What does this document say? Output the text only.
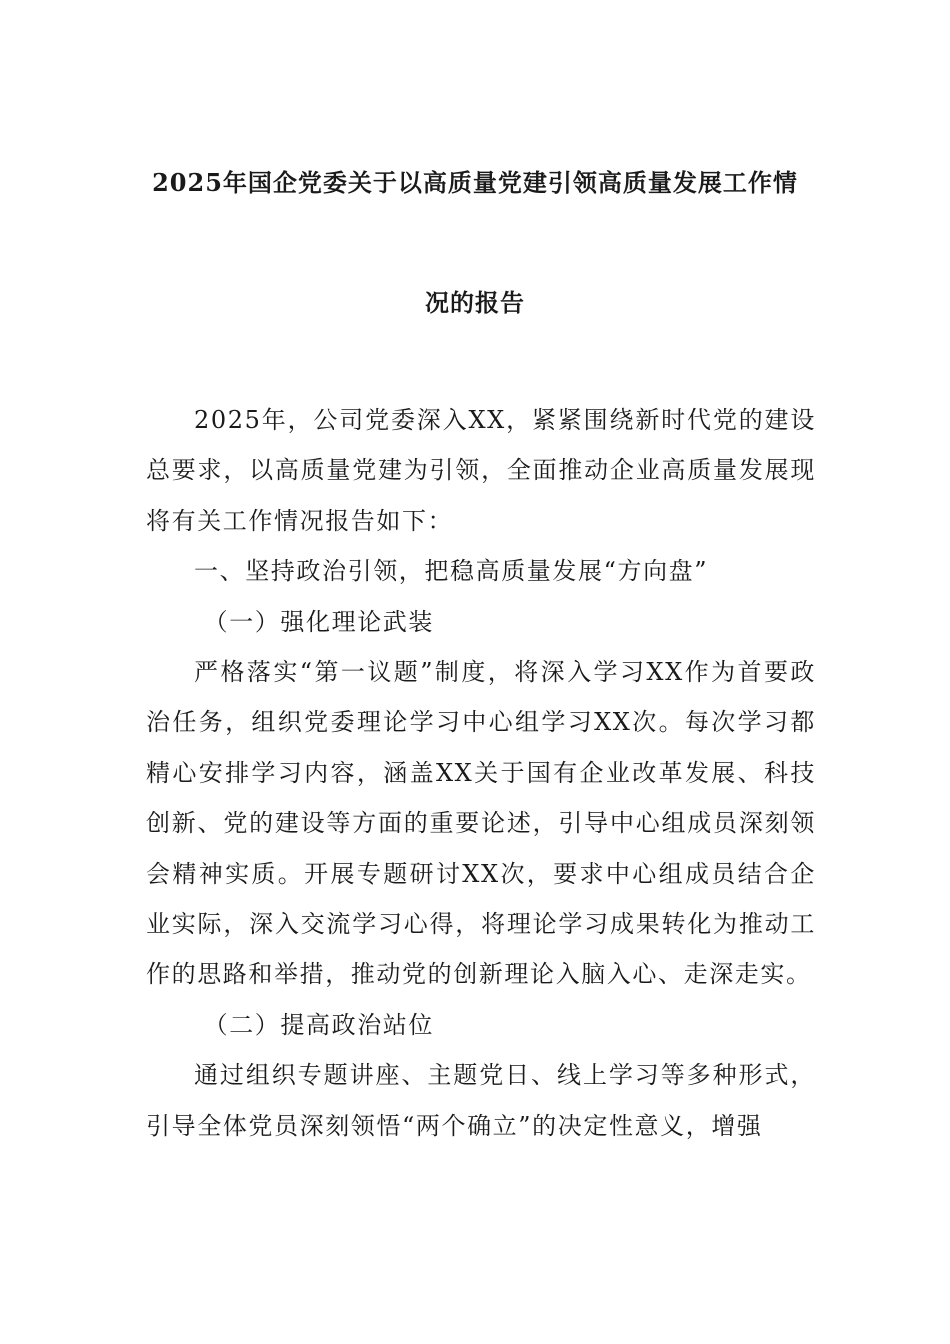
2025年国企党委关于以高质量党建引领高质量发展工作情
况的报告

2025年，公司党委深入XX，紧紧围绕新时代党的建设总要求，以高质量党建为引领，全面推动企业高质量发展现将有关工作情况报告如下：

一、坚持政治引领，把稳高质量发展“方向盘”

（一）强化理论武装

严格落实“第一议题”制度，将深入学习XX作为首要政治任务，组织党委理论学习中心组学习XX次。每次学习都精心安排学习内容，涵盖XX关于国有企业改革发展、科技创新、党的建设等方面的重要论述，引导中心组成员深刻领会精神实质。开展专题研讨XX次，要求中心组成员结合企业实际，深入交流学习心得，将理论学习成果转化为推动工作的思路和举措，推动党的创新理论入脑入心、走深走实。

（二）提高政治站位

通过组织专题讲座、主题党日、线上学习等多种形式，引导全体党员深刻领悟“两个确立”的决定性意义，增强
